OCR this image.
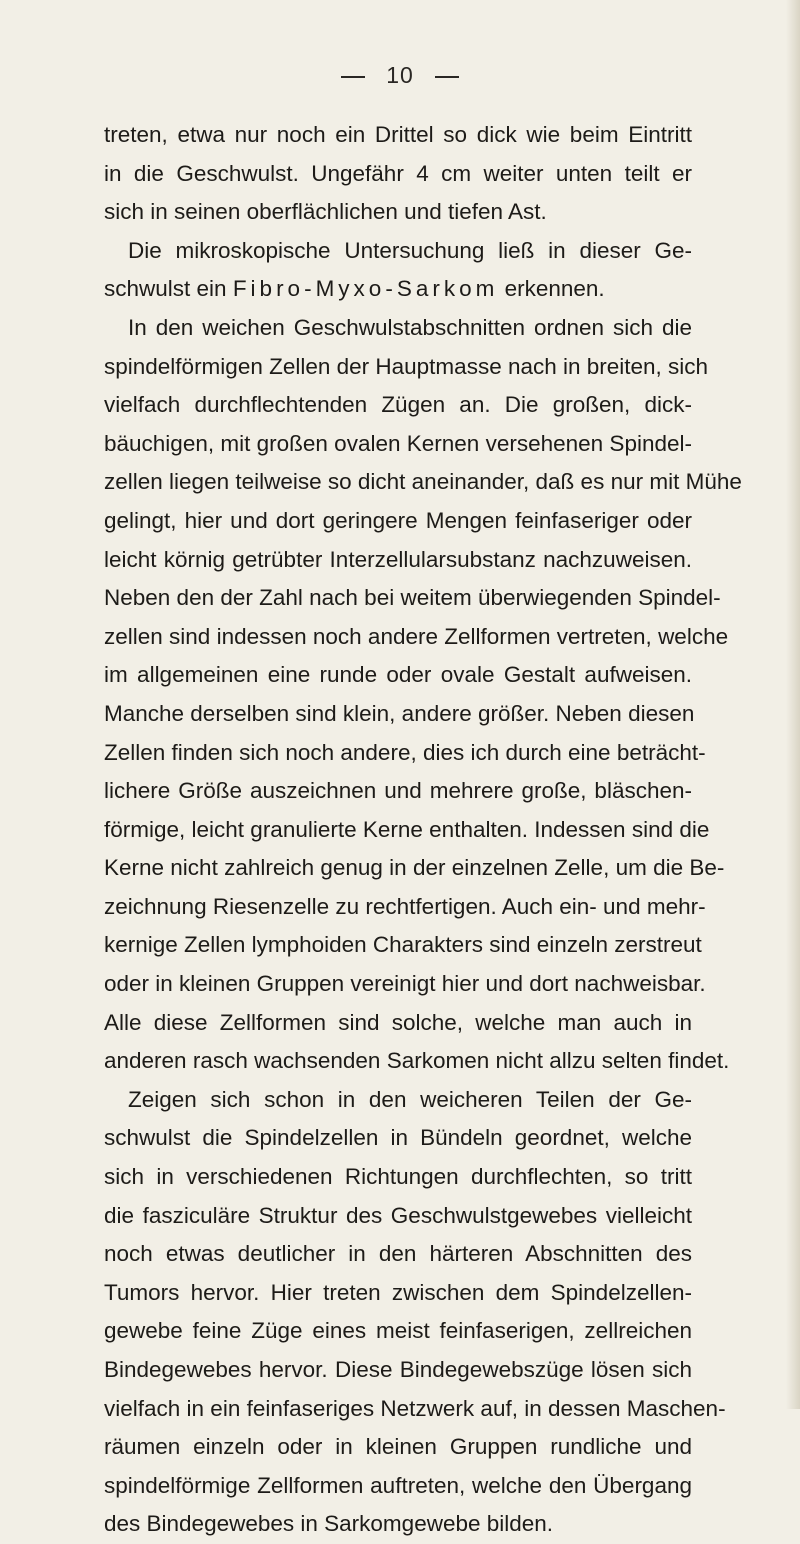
10
treten, etwa nur noch ein Drittel so dick wie beim Eintritt
in die Geschwulst. Ungefähr 4 cm weiter unten teilt er
sich in seinen oberflächlichen und tiefen Ast.
Die mikroskopische Untersuchung ließ in dieser Ge-
schwulst ein Fibro-Myxo-Sarkom erkennen.
In den weichen Geschwulstabschnitten ordnen sich die
spindelförmigen Zellen der Hauptmasse nach in breiten, sich
vielfach durchflechtenden Zügen an. Die großen, dick-
bäuchigen, mit großen ovalen Kernen versehenen Spindel-
zellen liegen teilweise so dicht aneinander, daß es nur mit Mühe
gelingt, hier und dort geringere Mengen feinfaseriger oder
leicht körnig getrübter Interzellularsubstanz nachzuweisen.
Neben den der Zahl nach bei weitem überwiegenden Spindel-
zellen sind indessen noch andere Zellformen vertreten, welche
im allgemeinen eine runde oder ovale Gestalt aufweisen.
Manche derselben sind klein, andere größer. Neben diesen
Zellen finden sich noch andere, dies ich durch eine beträcht-
lichere Größe auszeichnen und mehrere große, bläschen-
förmige, leicht granulierte Kerne enthalten. Indessen sind die
Kerne nicht zahlreich genug in der einzelnen Zelle, um die Be-
zeichnung Riesenzelle zu rechtfertigen. Auch ein- und mehr-
kernige Zellen lymphoiden Charakters sind einzeln zerstreut
oder in kleinen Gruppen vereinigt hier und dort nachweisbar.
Alle diese Zellformen sind solche, welche man auch in
anderen rasch wachsenden Sarkomen nicht allzu selten findet.
Zeigen sich schon in den weicheren Teilen der Ge-
schwulst die Spindelzellen in Bündeln geordnet, welche
sich in verschiedenen Richtungen durchflechten, so tritt
die fasziculäre Struktur des Geschwulstgewebes vielleicht
noch etwas deutlicher in den härteren Abschnitten des
Tumors hervor. Hier treten zwischen dem Spindelzellen-
gewebe feine Züge eines meist feinfaserigen, zellreichen
Bindegewebes hervor. Diese Bindegewebszüge lösen sich
vielfach in ein feinfaseriges Netzwerk auf, in dessen Maschen-
räumen einzeln oder in kleinen Gruppen rundliche und
spindelförmige Zellformen auftreten, welche den Übergang
des Bindegewebes in Sarkomgewebe bilden.
